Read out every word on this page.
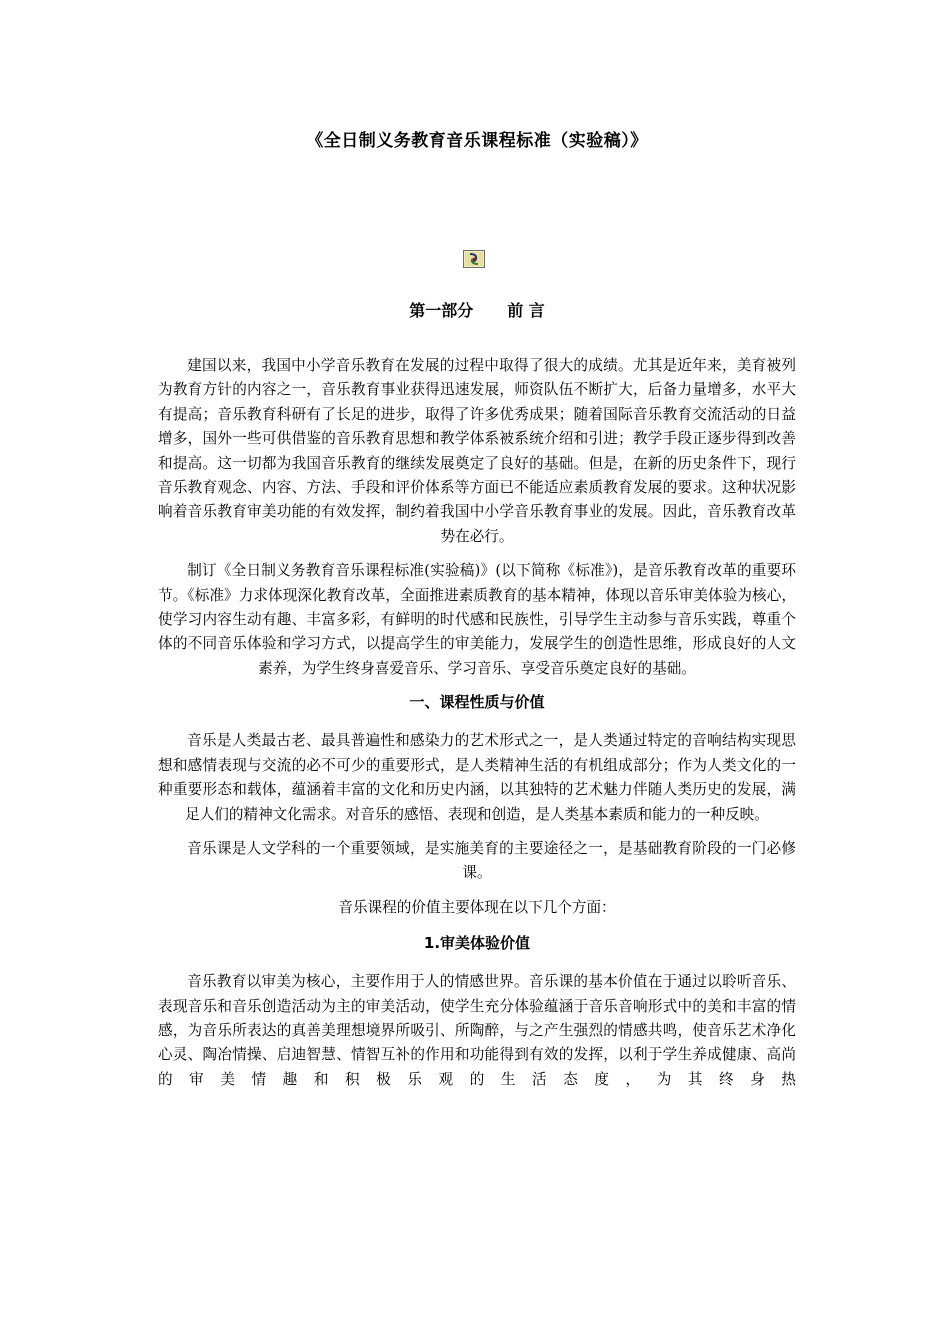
《全日制义务教育音乐课程标准（实验稿）》
第一部分 前 言

建国以来，我国中小学音乐教育在发展的过程中取得了很大的成绩。尤其是近年来，美育被列为教育方针的内容之一，音乐教育事业获得迅速发展，师资队伍不断扩大，后备力量增多，水平大有提高；音乐教育科研有了长足的进步，取得了许多优秀成果；随着国际音乐教育交流活动的日益增多，国外一些可供借鉴的音乐教育思想和教学体系被系统介绍和引进；教学手段正逐步得到改善和提高。这一切都为我国音乐教育的继续发展奠定了良好的基础。但是，在新的历史条件下，现行音乐教育观念、内容、方法、手段和评价体系等方面已不能适应素质教育发展的要求。这种状况影响着音乐教育审美功能的有效发挥，制约着我国中小学音乐教育事业的发展。因此，音乐教育改革势在必行。

制订《全日制义务教育音乐课程标准(实验稿)》(以下简称《标准》)，是音乐教育改革的重要环节。《标准》力求体现深化教育改革，全面推进素质教育的基本精神，体现以音乐审美体验为核心，使学习内容生动有趣、丰富多彩，有鲜明的时代感和民族性，引导学生主动参与音乐实践，尊重个体的不同音乐体验和学习方式，以提高学生的审美能力，发展学生的创造性思维，形成良好的人文素养，为学生终身喜爱音乐、学习音乐、享受音乐奠定良好的基础。

一、课程性质与价值

音乐是人类最古老、最具普遍性和感染力的艺术形式之一，是人类通过特定的音响结构实现思想和感情表现与交流的必不可少的重要形式，是人类精神生活的有机组成部分；作为人类文化的一种重要形态和载体，蕴涵着丰富的文化和历史内涵，以其独特的艺术魅力伴随人类历史的发展，满足人们的精神文化需求。对音乐的感悟、表现和创造，是人类基本素质和能力的一种反映。

音乐课是人文学科的一个重要领域，是实施美育的主要途径之一，是基础教育阶段的一门必修课。

音乐课程的价值主要体现在以下几个方面：

1.审美体验价值

音乐教育以审美为核心，主要作用于人的情感世界。音乐课的基本价值在于通过以聆听音乐、表现音乐和音乐创造活动为主的审美活动，使学生充分体验蕴涵于音乐音响形式中的美和丰富的情感，为音乐所表达的真善美理想境界所吸引、所陶醉，与之产生强烈的情感共鸣，使音乐艺术净化心灵、陶冶情操、启迪智慧、情智互补的作用和功能得到有效的发挥，以利于学生养成健康、高尚的审美情趣和积极乐观的生活态度，为其终身热
